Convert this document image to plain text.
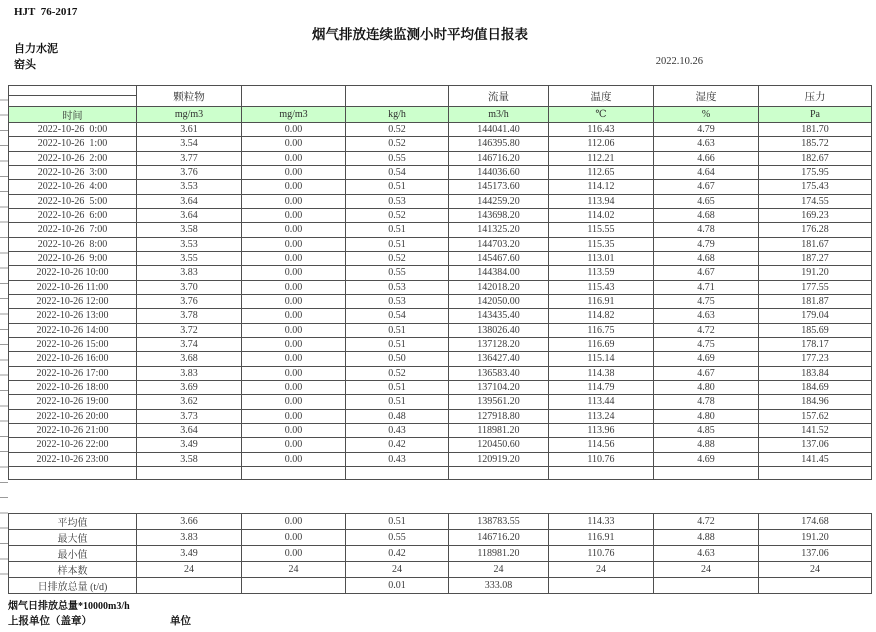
HJT  76-2017
烟气排放连续监测小时平均值日报表
自力水泥
窑头	2022.10.26
	颗粒物			流量	温度	湿度	压力
时间	mg/m3	mg/m3	kg/h	m3/h	℃	%	Pa
2022-10-26  0:00	3.61	0.00	0.52	144041.40	116.43	4.79	181.70
2022-10-26  1:00	3.54	0.00	0.52	146395.80	112.06	4.63	185.72
2022-10-26  2:00	3.77	0.00	0.55	146716.20	112.21	4.66	182.67
2022-10-26  3:00	3.76	0.00	0.54	144036.60	112.65	4.64	175.95
2022-10-26  4:00	3.53	0.00	0.51	145173.60	114.12	4.67	175.43
2022-10-26  5:00	3.64	0.00	0.53	144259.20	113.94	4.65	174.55
2022-10-26  6:00	3.64	0.00	0.52	143698.20	114.02	4.68	169.23
2022-10-26  7:00	3.58	0.00	0.51	141325.20	115.55	4.78	176.28
2022-10-26  8:00	3.53	0.00	0.51	144703.20	115.35	4.79	181.67
2022-10-26  9:00	3.55	0.00	0.52	145467.60	113.01	4.68	187.27
2022-10-26 10:00	3.83	0.00	0.55	144384.00	113.59	4.67	191.20
2022-10-26 11:00	3.70	0.00	0.53	142018.20	115.43	4.71	177.55
2022-10-26 12:00	3.76	0.00	0.53	142050.00	116.91	4.75	181.87
2022-10-26 13:00	3.78	0.00	0.54	143435.40	114.82	4.63	179.04
2022-10-26 14:00	3.72	0.00	0.51	138026.40	116.75	4.72	185.69
2022-10-26 15:00	3.74	0.00	0.51	137128.20	116.69	4.75	178.17
2022-10-26 16:00	3.68	0.00	0.50	136427.40	115.14	4.69	177.23
2022-10-26 17:00	3.83	0.00	0.52	136583.40	114.38	4.67	183.84
2022-10-26 18:00	3.69	0.00	0.51	137104.20	114.79	4.80	184.69
2022-10-26 19:00	3.62	0.00	0.51	139561.20	113.44	4.78	184.96
2022-10-26 20:00	3.73	0.00	0.48	127918.80	113.24	4.80	157.62
2022-10-26 21:00	3.64	0.00	0.43	118981.20	113.96	4.85	141.52
2022-10-26 22:00	3.49	0.00	0.42	120450.60	114.56	4.88	137.06
2022-10-26 23:00	3.58	0.00	0.43	120919.20	110.76	4.69	141.45

平均值	3.66	0.00	0.51	138783.55	114.33	4.72	174.68
最大值	3.83	0.00	0.55	146716.20	116.91	4.88	191.20
最小值	3.49	0.00	0.42	118981.20	110.76	4.63	137.06
样本数	24	24	24	24	24	24	24
日排放总量 (t/d)			0.01	333.08			
烟气日排放总量*10000m3/h
上报单位（盖章）	单位
